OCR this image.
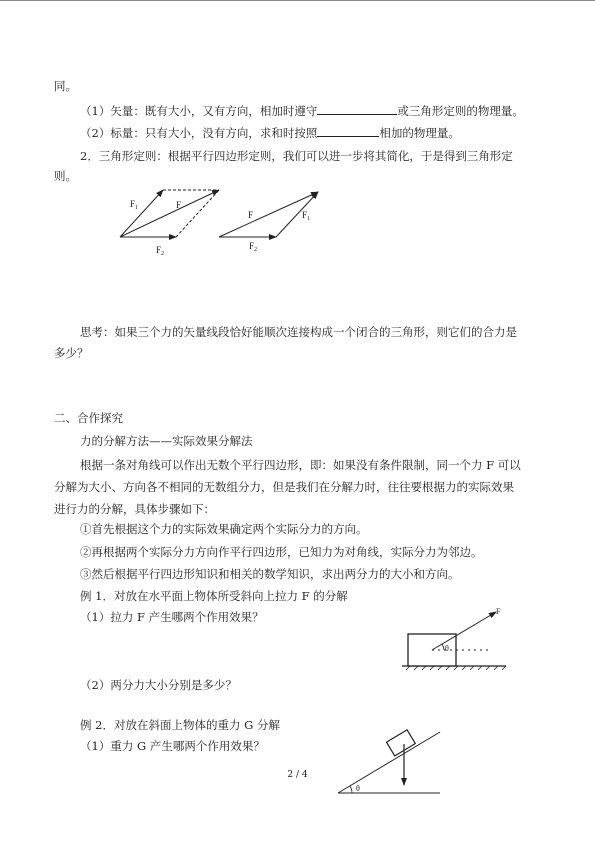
同。
（1）矢量：既有大小，又有方向，相加时遵守	或三角形定则的物理量。
（2）标量：只有大小，没有方向，求和时按照	相加的物理量。
2．三角形定则：根据平行四边形定则，我们可以进一步将其简化，于是得到三角形定
则。
$F_1$	F
$F_2$
F	$F_1$
$F_2$
θ
F
θ
思考：如果三个力的矢量线段恰好能顺次连接构成一个闭合的三角形，则它们的合力是
多少？
二、合作探究
力的分解方法——实际效果分解法
根据一条对角线可以作出无数个平行四边形，即：如果没有条件限制，同一个力 F 可以
分解为大小、方向各不相同的无数组分力，但是我们在分解力时，往往要根据力的实际效果
进行力的分解，具体步骤如下：
①首先根据这个力的实际效果确定两个实际分力的方向。
②再根据两个实际分力方向作平行四边形，已知力为对角线，实际分力为邻边。
③然后根据平行四边形知识和相关的数学知识，求出两分力的大小和方向。
例 1．对放在水平面上物体所受斜向上拉力 F 的分解
（1）拉力 F 产生哪两个作用效果？
（2）两分力大小分别是多少？
例 2．对放在斜面上物体的重力 G 分解
（1）重力 G 产生哪两个作用效果？
2 / 4
